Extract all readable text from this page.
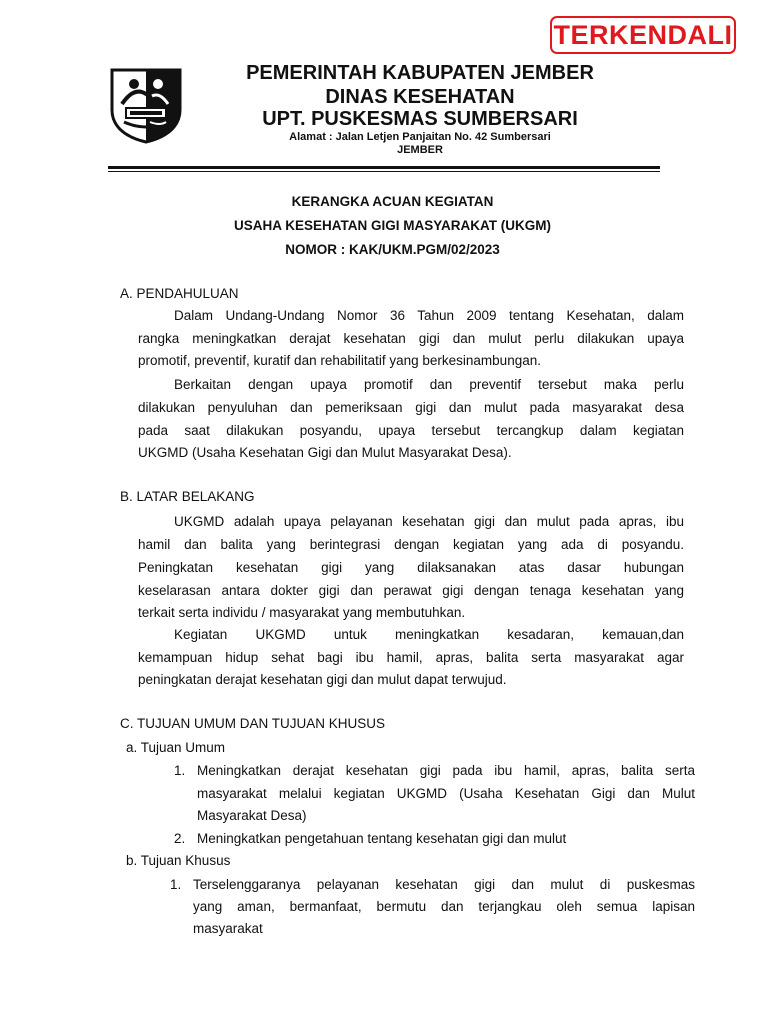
TERKENDALI
PEMERINTAH KABUPATEN JEMBER
DINAS KESEHATAN
UPT. PUSKESMAS SUMBERSARI
Alamat : Jalan Letjen Panjaitan No. 42 Sumbersari
JEMBER
KERANGKA ACUAN KEGIATAN
USAHA KESEHATAN GIGI MASYARAKAT (UKGM)
NOMOR : KAK/UKM.PGM/02/2023
A. PENDAHULUAN
Dalam Undang-Undang Nomor 36 Tahun 2009 tentang Kesehatan, dalam
rangka meningkatkan derajat kesehatan gigi dan mulut perlu dilakukan upaya
promotif, preventif, kuratif dan rehabilitatif yang berkesinambungan.
Berkaitan dengan upaya promotif dan preventif tersebut maka perlu
dilakukan penyuluhan dan pemeriksaan gigi dan mulut pada masyarakat desa
pada saat dilakukan posyandu, upaya tersebut tercangkup dalam kegiatan
UKGMD (Usaha Kesehatan Gigi dan Mulut Masyarakat Desa).
B. LATAR BELAKANG
UKGMD adalah upaya pelayanan kesehatan gigi dan mulut pada apras, ibu
hamil dan balita yang berintegrasi dengan kegiatan yang ada di posyandu.
Peningkatan kesehatan gigi yang dilaksanakan atas dasar hubungan
keselarasan antara dokter gigi dan perawat gigi dengan tenaga kesehatan yang
terkait serta individu / masyarakat yang membutuhkan.
Kegiatan UKGMD untuk meningkatkan kesadaran, kemauan,dan
kemampuan hidup sehat bagi ibu hamil, apras, balita serta masyarakat agar
peningkatan derajat kesehatan gigi dan mulut dapat terwujud.
C. TUJUAN UMUM DAN TUJUAN KHUSUS
a. Tujuan Umum
1. Meningkatkan derajat kesehatan gigi pada ibu hamil, apras, balita serta
masyarakat melalui kegiatan UKGMD (Usaha Kesehatan Gigi dan Mulut
Masyarakat Desa)
2. Meningkatkan pengetahuan tentang kesehatan gigi dan mulut
b. Tujuan Khusus
1. Terselenggaranya pelayanan kesehatan gigi dan mulut di puskesmas
yang aman, bermanfaat, bermutu dan terjangkau oleh semua lapisan
masyarakat
